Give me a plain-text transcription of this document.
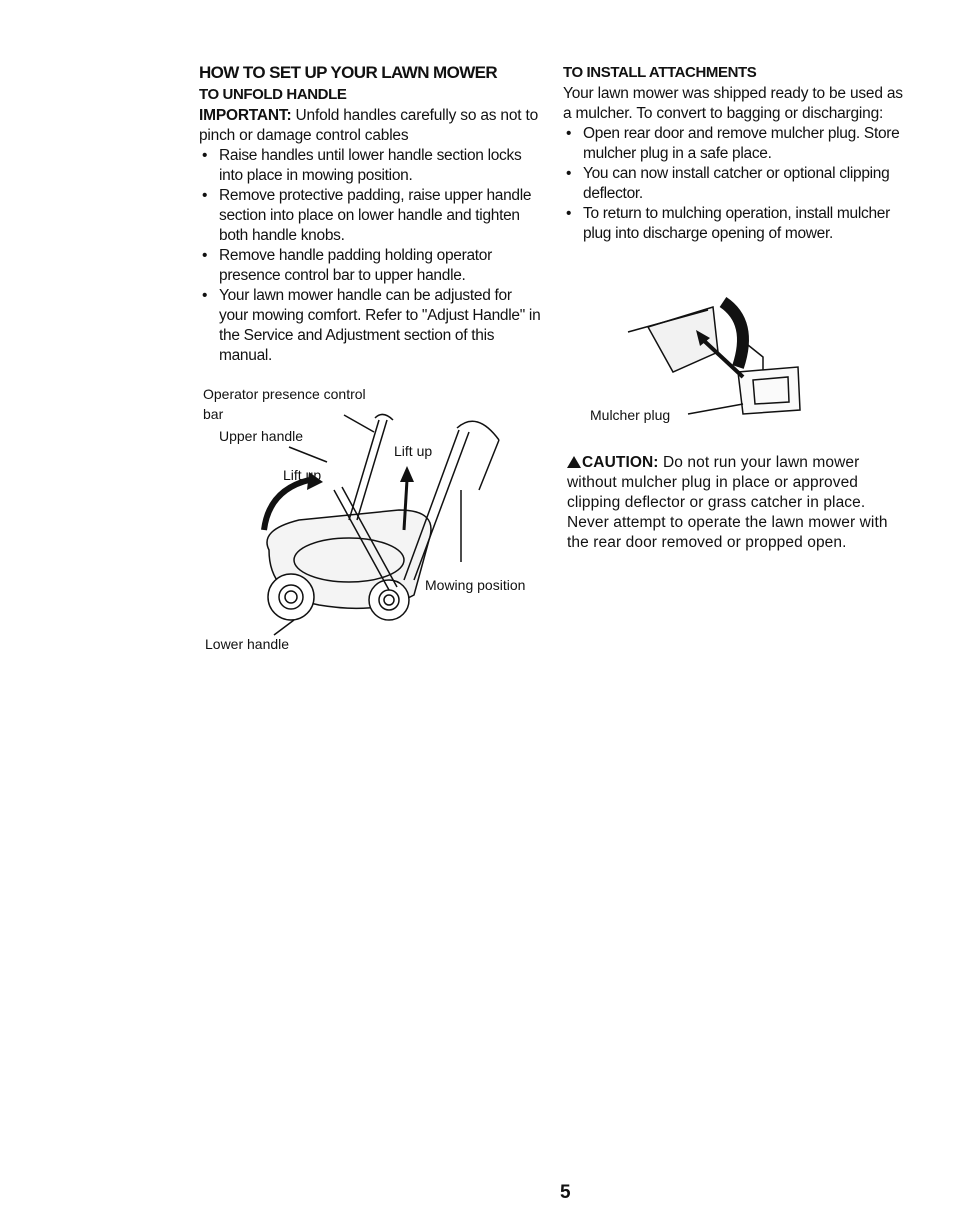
HOW TO SET UP YOUR LAWN MOWER
TO UNFOLD HANDLE

IMPORTANT: Unfold handles carefully so as not to pinch or damage control cables

• Raise handles until lower handle section locks into place in mowing position.
• Remove protective padding, raise upper handle section into place on lower handle and tighten both handle knobs.
• Remove handle padding holding operator presence control bar to upper handle.
• Your lawn mower handle can be adjusted for your mowing comfort. Refer to "Adjust Handle" in the Service and Adjustment section of this manual.
Operator presence control
bar
Upper handle
Lift up
Lift up
Mowing position
Lower handle
TO INSTALL ATTACHMENTS

Your lawn mower was shipped ready to be used as a mulcher. To convert to bagging or discharging:

• Open rear door and remove mulcher plug. Store mulcher plug in a safe place.
• You can now install catcher or optional clipping deflector.
• To return to mulching operation, install mulcher plug into discharge opening of mower.
Mulcher plug

CAUTION: Do not run your lawn mower without mulcher plug in place or approved clipping deflector or grass catcher in place. Never attempt to operate the lawn mower with the rear door removed or propped open.

5
